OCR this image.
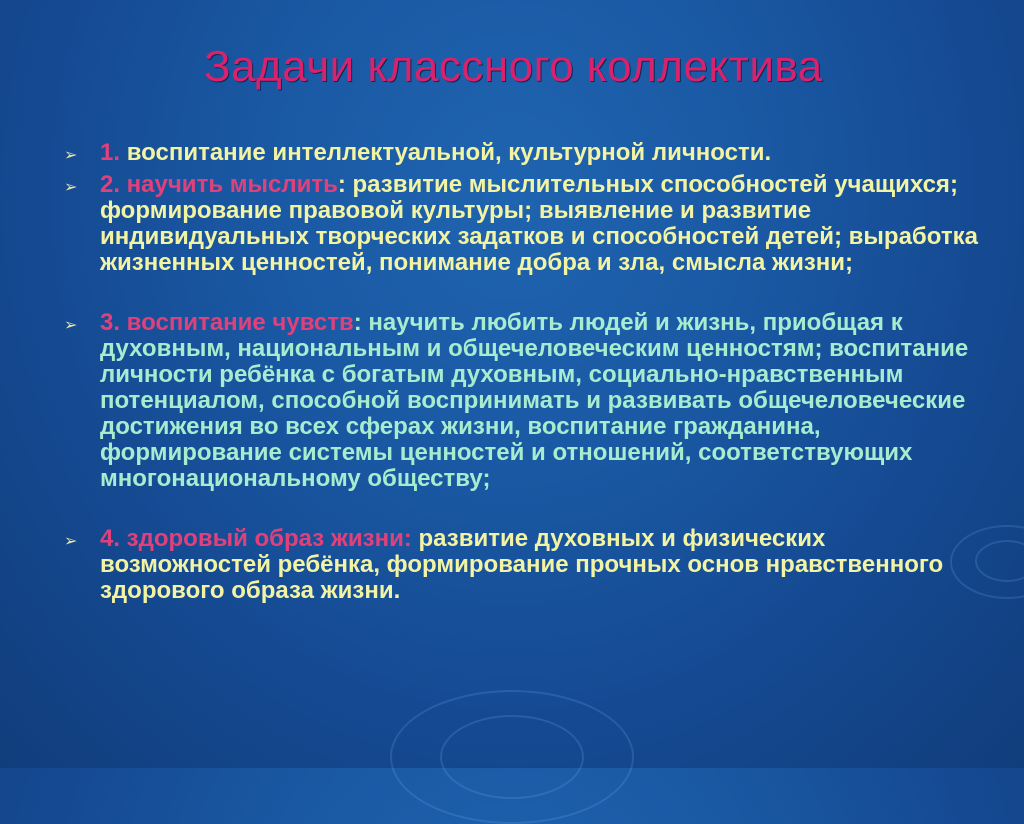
Задачи классного коллектива
➢ 1. воспитание интеллектуальной, культурной личности.
➢ 2. научить мыслить: развитие мыслительных способностей учащихся; формирование правовой культуры; выявление и развитие индивидуальных творческих задатков и способностей детей; выработка жизненных ценностей, понимание добра и зла, смысла жизни;
➢ 3. воспитание чувств: научить любить людей и жизнь, приобщая к духовным, национальным и общечеловеческим ценностям; воспитание личности ребёнка с богатым духовным, социально-нравственным потенциалом, способной воспринимать и развивать общечеловеческие достижения во всех сферах жизни, воспитание гражданина, формирование системы ценностей и отношений, соответствующих многонациональному обществу;
➢ 4. здоровый образ жизни: развитие духовных и физических возможностей ребёнка, формирование прочных основ нравственного здорового образа жизни.
